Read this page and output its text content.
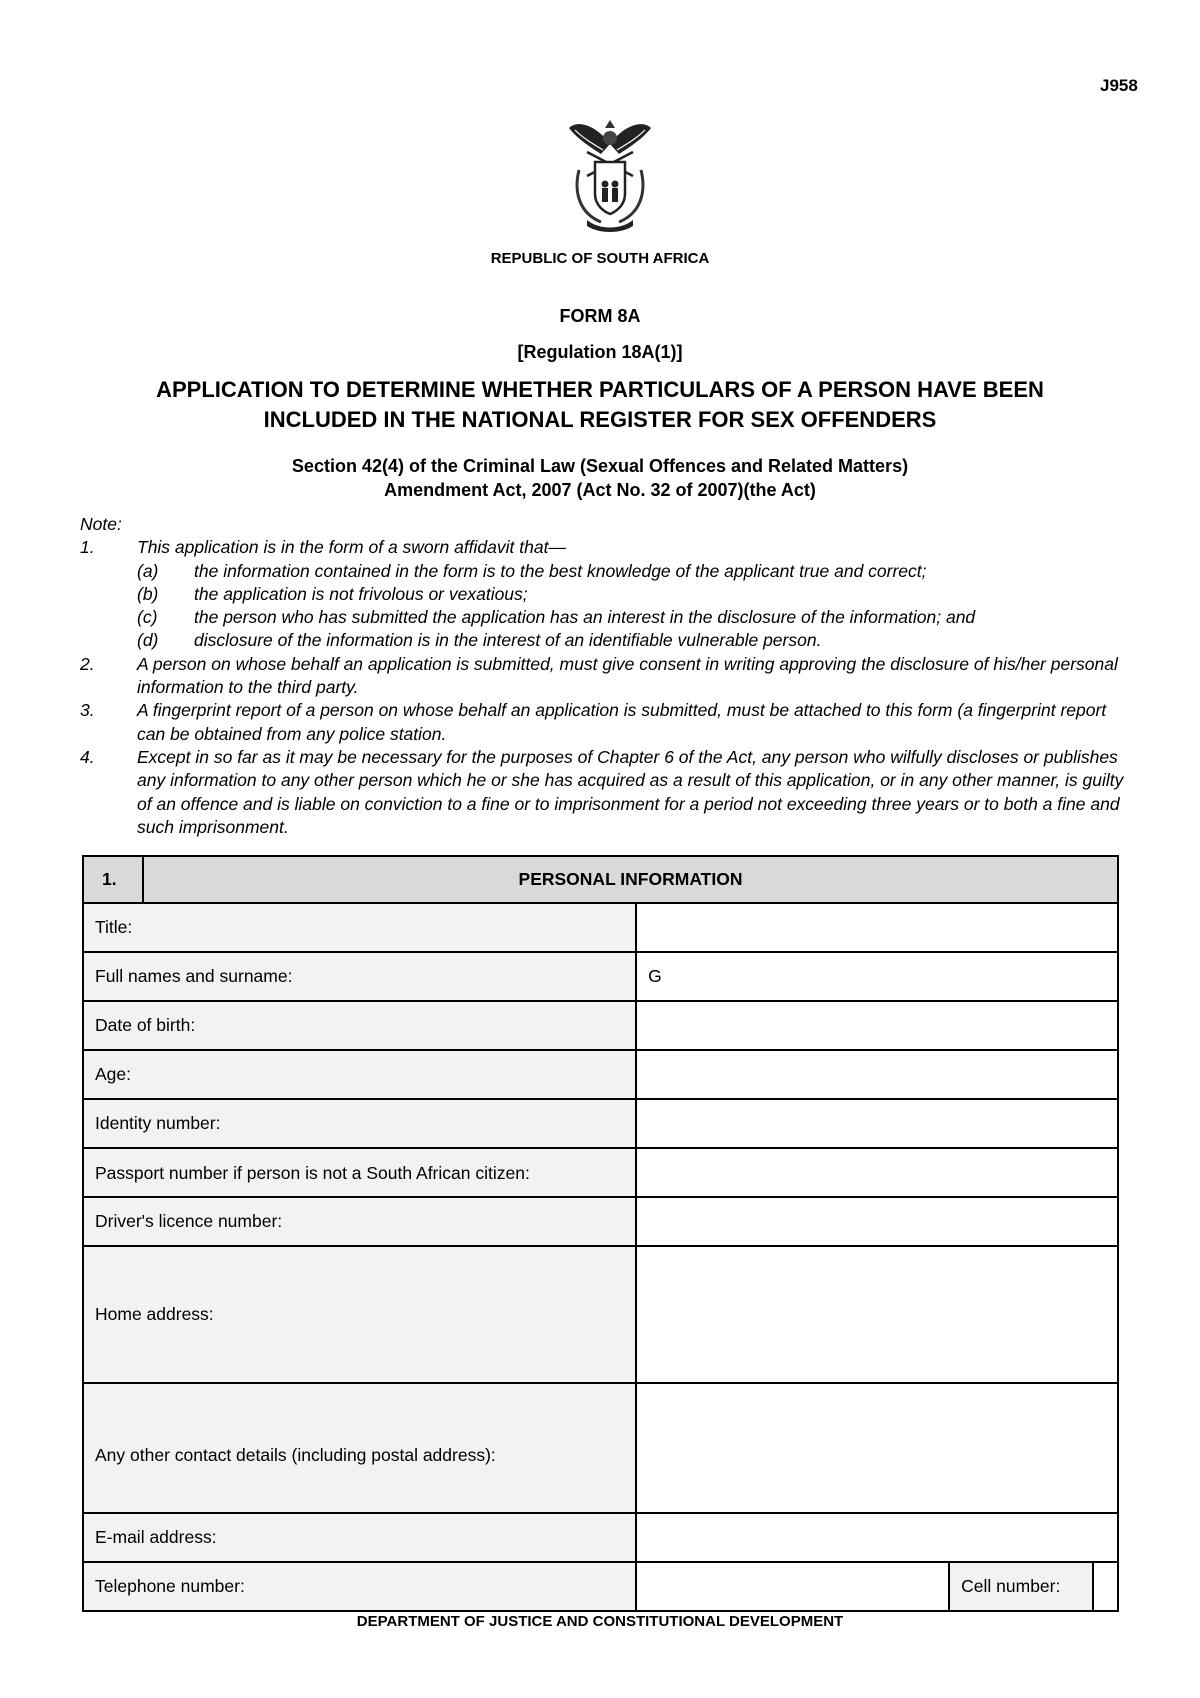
J958
REPUBLIC OF SOUTH AFRICA
FORM 8A
[Regulation 18A(1)]
APPLICATION TO DETERMINE WHETHER PARTICULARS OF A PERSON HAVE BEEN
INCLUDED IN THE NATIONAL REGISTER FOR SEX OFFENDERS
Section 42(4) of the Criminal Law (Sexual Offences and Related Matters)
Amendment Act, 2007 (Act No. 32 of 2007)(the Act)
Note:
1.	This application is in the form of a sworn affidavit that—
(a)	the information contained in the form is to the best knowledge of the applicant true and correct;
(b)	the application is not frivolous or vexatious;
(c)	the person who has submitted the application has an interest in the disclosure of the information; and
(d)	disclosure of the information is in the interest of an identifiable vulnerable person.
2.	A person on whose behalf an application is submitted, must give consent in writing approving the disclosure of his/her personal information to the third party.
3.	A fingerprint report of a person on whose behalf an application is submitted, must be attached to this form (a fingerprint report can be obtained from any police station.
4.	Except in so far as it may be necessary for the purposes of Chapter 6 of the Act, any person who wilfully discloses or publishes any information to any other person which he or she has acquired as a result of this application, or in any other manner, is guilty of an offence and is liable on conviction to a fine or to imprisonment for a period not exceeding three years or to both a fine and such imprisonment.
1.	PERSONAL INFORMATION			
Title:				
Full names and surname:		G		
Date of birth:				
Age:				
Identity number:				
Passport number if person is not a South African citizen:				
Driver's licence number:				
Home address:				
Any other contact details (including postal address):				
E-mail address:				
Telephone number:			Cell number:	
DEPARTMENT OF JUSTICE AND CONSTITUTIONAL DEVELOPMENT
